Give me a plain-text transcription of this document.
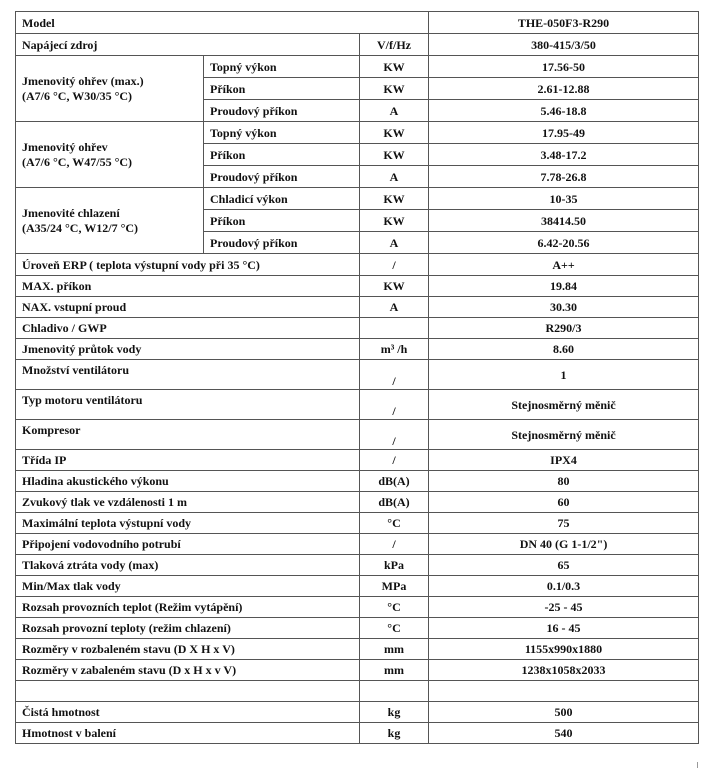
Model			THE-050F3-R290
Napájecí zdroj		V/f/Hz	380-415/3/50
Jmenovitý ohřev (max.)
(A7/6 °C, W30/35 °C)	Topný výkon	KW	17.56-50
	Příkon	KW	2.61-12.88
	Proudový příkon	A	5.46-18.8
Jmenovitý ohřev
(A7/6 °C, W47/55 °C)	Topný výkon	KW	17.95-49
	Příkon	KW	3.48-17.2
	Proudový příkon	A	7.78-26.8
Jmenovité chlazení
(A35/24 °C, W12/7 °C)	Chladicí výkon	KW	10-35
	Příkon	KW	38414.50
	Proudový příkon	A	6.42-20.56
Úroveň ERP ( teplota výstupní vody při 35 °C)		/	A++
MAX. příkon		KW	19.84
NAX. vstupní proud		A	30.30
Chladivo / GWP			R290/3
Jmenovitý průtok vody		m³ /h	8.60
Množství ventilátoru		/	1
Typ motoru ventilátoru		/	Stejnosměrný měnič
Kompresor		/	Stejnosměrný měnič
Třída IP		/	IPX4
Hladina akustického výkonu		dB(A)	80
Zvukový tlak ve vzdálenosti 1 m		dB(A)	60
Maximální teplota výstupní vody		°C	75
Připojení vodovodního potrubí		/	DN 40 (G 1-1/2")
Tlaková ztráta vody (max)		kPa	65
Min/Max tlak vody		MPa	0.1/0.3
Rozsah provozních teplot (Režim vytápění)		°C	-25 - 45
Rozsah provozní teploty (režim chlazení)		°C	16 - 45
Rozměry v rozbaleném stavu (D X H x V)		mm	1155x990x1880
Rozměry v zabaleném stavu (D x H x v V)		mm	1238x1058x2033

Čistá hmotnost		kg	500
Hmotnost v balení		kg	540
